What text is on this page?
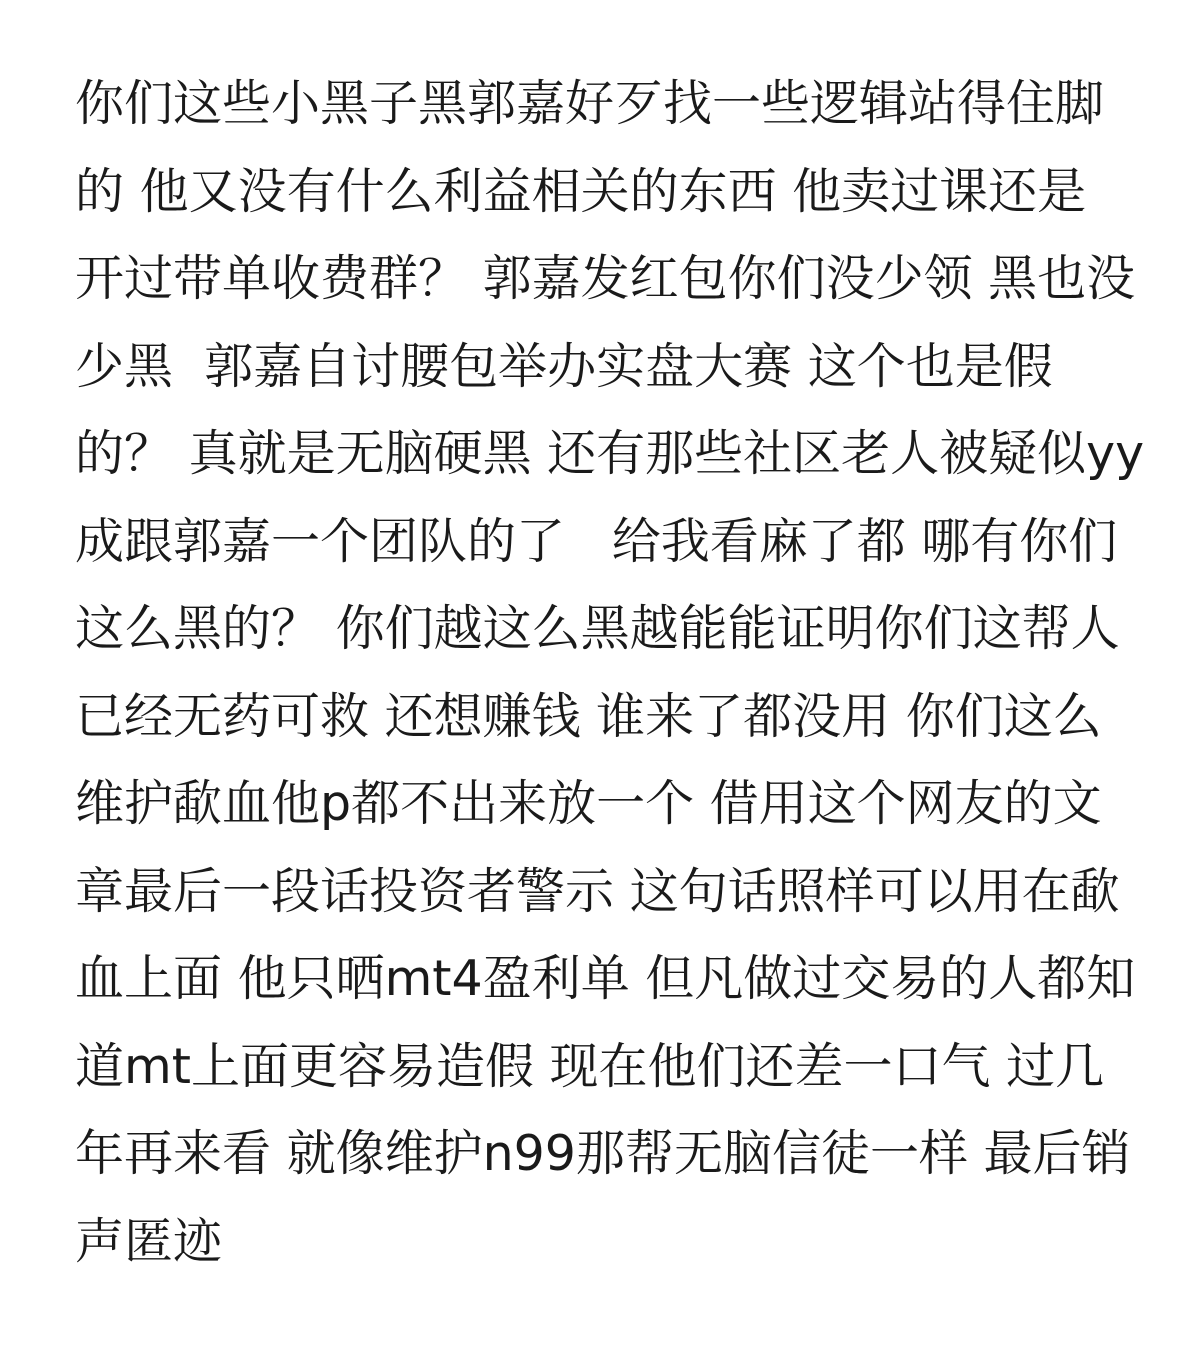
你们这些小黑子黑郭嘉好歹找一些逻辑站得住脚
的 他又没有什么利益相关的东西 他卖过课还是
开过带单收费群？ 郭嘉发红包你们没少领 黑也没
少黑  郭嘉自讨腰包举办实盘大赛 这个也是假
的？ 真就是无脑硬黑 还有那些社区老人被疑似yy
成跟郭嘉一个团队的了   给我看麻了都 哪有你们
这么黑的？ 你们越这么黑越能能证明你们这帮人
已经无药可救 还想赚钱 谁来了都没用 你们这么
维护歃血他p都不出来放一个 借用这个网友的文
章最后一段话投资者警示 这句话照样可以用在歃
血上面 他只晒mt4盈利单 但凡做过交易的人都知
道mt上面更容易造假 现在他们还差一口气 过几
年再来看 就像维护n99那帮无脑信徒一样 最后销
声匿迹
